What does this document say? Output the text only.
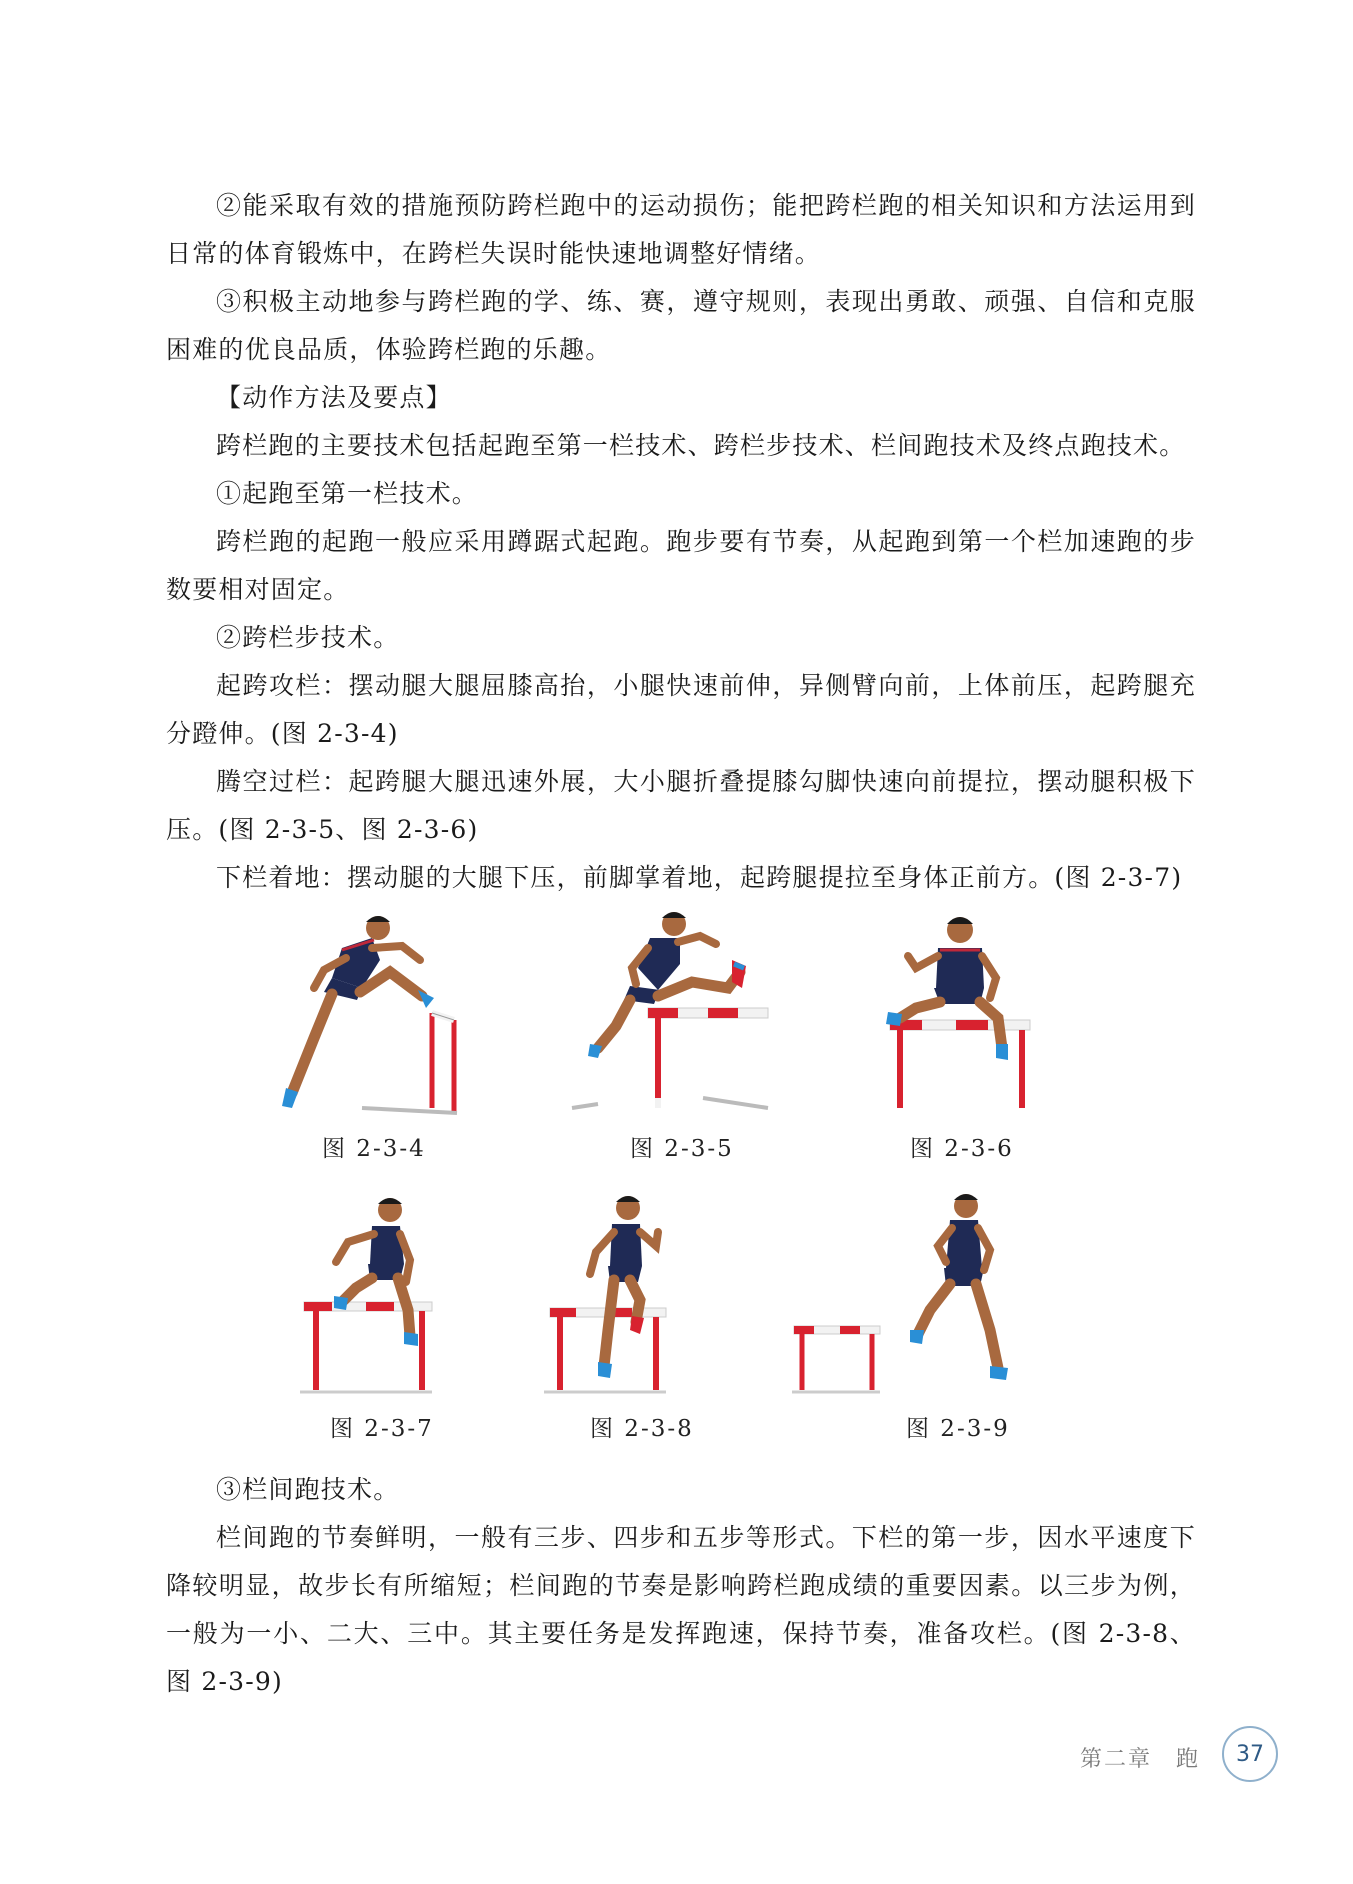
②能采取有效的措施预防跨栏跑中的运动损伤；能把跨栏跑的相关知识和方法运用到日常的体育锻炼中，在跨栏失误时能快速地调整好情绪。

③积极主动地参与跨栏跑的学、练、赛，遵守规则，表现出勇敢、顽强、自信和克服困难的优良品质，体验跨栏跑的乐趣。

【动作方法及要点】

跨栏跑的主要技术包括起跑至第一栏技术、跨栏步技术、栏间跑技术及终点跑技术。

①起跑至第一栏技术。

跨栏跑的起跑一般应采用蹲踞式起跑。跑步要有节奏，从起跑到第一个栏加速跑的步数要相对固定。

②跨栏步技术。

起跨攻栏：摆动腿大腿屈膝高抬，小腿快速前伸，异侧臂向前，上体前压，起跨腿充分蹬伸。(图 2-3-4)

腾空过栏：起跨腿大腿迅速外展，大小腿折叠提膝勾脚快速向前提拉，摆动腿积极下压。(图 2-3-5、图 2-3-6)

下栏着地：摆动腿的大腿下压，前脚掌着地，起跨腿提拉至身体正前方。(图 2-3-7)

图 2-3-4	图 2-3-5	图 2-3-6
图 2-3-7	图 2-3-8	图 2-3-9

③栏间跑技术。

栏间跑的节奏鲜明，一般有三步、四步和五步等形式。下栏的第一步，因水平速度下降较明显，故步长有所缩短；栏间跑的节奏是影响跨栏跑成绩的重要因素。以三步为例，一般为一小、二大、三中。其主要任务是发挥跑速，保持节奏，准备攻栏。(图 2-3-8、图 2-3-9)

第二章　跑 37
